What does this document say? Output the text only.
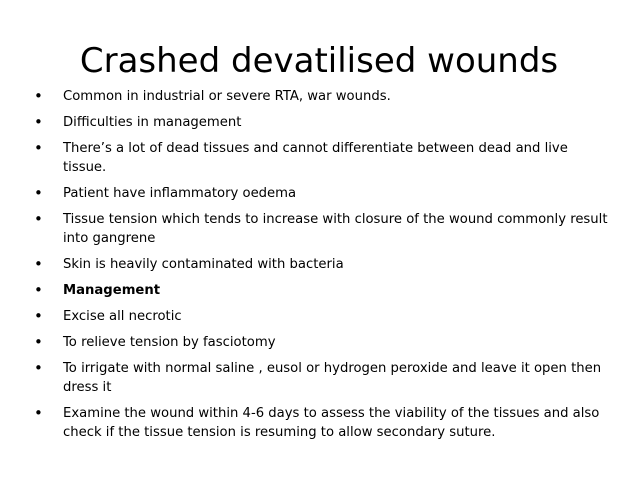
Crashed devatilised wounds
•	Common in industrial or severe RTA, war wounds.
•	Difficulties in management
•	There’s a lot of dead tissues and cannot differentiate between dead and live tissue.
•	Patient have inflammatory oedema
•	Tissue tension which tends to increase with closure of the wound commonly result into gangrene
•	Skin is heavily contaminated with bacteria
•	Management
•	Excise all necrotic
•	To relieve tension by fasciotomy
•	To irrigate with normal saline , eusol or hydrogen peroxide and leave it open then dress it
•	Examine the wound within 4-6 days to assess the viability of the tissues and also check if the tissue tension is resuming to allow secondary suture.
